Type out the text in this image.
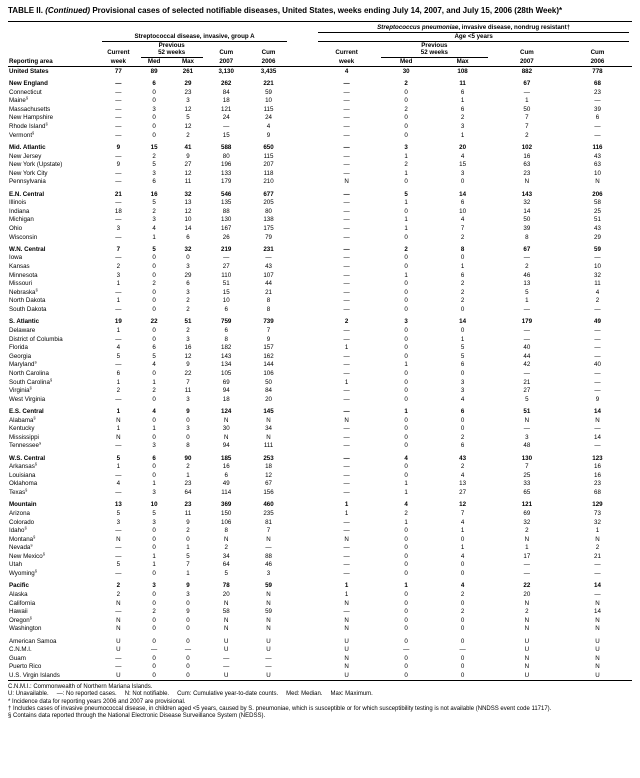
TABLE II. (Continued) Provisional cases of selected notifiable diseases, United States, weeks ending July 14, 2007, and July 15, 2006 (28th Week)*

							Streptococcus pneumoniae, invasive disease, nondrug resistant†				

	Streptococcal disease, invasive, group A						Age <5 years				

	Current	Previous
52 weeks		Cum	Cum		Current	Previous
52 weeks		Cum	Cum
Reporting area	week	Med	Max	2007	2006		week	Med	Max	2007	2006
United States	77	89	261	3,130	3,435		4	30	108	882	778
New England	—	6	29	262	221		—	2	11	67	68
Connecticut	—	0	23	84	59		—	0	6	—	23
Maine§	—	0	3	18	10		—	0	1	1	—
Massachusetts	—	3	12	121	115		—	2	6	50	39
New Hampshire	—	0	5	24	24		—	0	2	7	6
Rhode Island§	—	0	12	—	4		—	0	3	7	—
Vermont§	—	0	2	15	9		—	0	1	2	—
Mid. Atlantic	9	15	41	588	650		—	3	20	102	116
New Jersey	—	2	9	80	115		—	1	4	16	43
New York (Upstate)	9	5	27	196	207		—	2	15	63	63
New York City	—	3	12	133	118		—	1	3	23	10
Pennsylvania	—	6	11	179	210		N	0	0	N	N
E.N. Central	21	16	32	546	677		—	5	14	143	206
Illinois	—	5	13	135	205		—	1	6	32	58
Indiana	18	2	12	88	80		—	0	10	14	25
Michigan	—	3	10	130	138		—	1	4	50	51
Ohio	3	4	14	167	175		—	1	7	39	43
Wisconsin	—	1	6	26	79		—	0	2	8	29
W.N. Central	7	5	32	219	231		—	2	8	67	59
Iowa	—	0	0	—	—		—	0	0	—	—
Kansas	2	0	3	27	43		—	0	1	2	10
Minnesota	3	0	29	110	107		—	1	6	46	32
Missouri	1	2	6	51	44		—	0	2	13	11
Nebraska§	—	0	3	15	21		—	0	2	5	4
North Dakota	1	0	2	10	8		—	0	2	1	2
South Dakota	—	0	2	6	8		—	0	0	—	—
S. Atlantic	19	22	51	759	739		2	3	14	179	49
Delaware	1	0	2	6	7		—	0	0	—	—
District of Columbia	—	0	3	8	9		—	0	1	—	—
Florida	4	6	16	182	157		1	0	5	40	—
Georgia	5	5	12	143	162		—	0	5	44	—
Maryland§	—	4	9	134	144		—	1	6	42	40
North Carolina	6	0	22	105	106		—	0	0	—	—
South Carolina§	1	1	7	69	50		1	0	3	21	—
Virginia§	2	2	11	94	84		—	0	3	27	—
West Virginia	—	0	3	18	20		—	0	4	5	9
E.S. Central	1	4	9	124	145		—	1	6	51	14
Alabama§	N	0	0	N	N		N	0	0	N	N
Kentucky	1	1	3	30	34		—	0	0	—	—
Mississippi	N	0	0	N	N		—	0	2	3	14
Tennessee§	—	3	8	94	111		—	0	6	48	—
W.S. Central	5	6	90	185	253		—	4	43	130	123
Arkansas§	1	0	2	16	18		—	0	2	7	16
Louisiana	—	0	1	6	12		—	0	4	25	16
Oklahoma	4	1	23	49	67		—	1	13	33	23
Texas§	—	3	64	114	156		—	1	27	65	68
Mountain	13	10	23	369	460		1	4	12	121	129
Arizona	5	5	11	150	235		1	2	7	69	73
Colorado	3	3	9	106	81		—	1	4	32	32
Idaho§	—	0	2	8	7		—	0	1	2	1
Montana§	N	0	0	N	N		N	0	0	N	N
Nevada§	—	0	1	2	—		—	0	1	1	2
New Mexico§	—	1	5	34	88		—	0	4	17	21
Utah	5	1	7	64	46		—	0	0	—	—
Wyoming§	—	0	1	5	3		—	0	0	—	—
Pacific	2	3	9	78	59		1	1	4	22	14
Alaska	2	0	3	20	N		1	0	2	20	—
California	N	0	0	N	N		N	0	0	N	N
Hawaii	—	2	9	58	59		—	0	2	2	14
Oregon§	N	0	0	N	N		N	0	0	N	N
Washington	N	0	0	N	N		N	0	0	N	N
American Samoa	U	0	0	U	U		U	0	0	U	U
C.N.M.I.	U	—	—	U	U		U	—	—	U	U
Guam	—	0	0	—	—		N	0	0	N	N
Puerto Rico	—	0	0	—	—		N	0	0	N	N
U.S. Virgin Islands	U	0	0	U	U		U	0	0	U	U
C.N.M.I.: Commonwealth of Northern Mariana Islands.
U: Unavailable. —: No reported cases. N: Not notifiable. Cum: Cumulative year-to-date counts. Med: Median. Max: Maximum.
* Incidence data for reporting years 2006 and 2007 are provisional.
† Includes cases of invasive pneumococcal disease, in children aged <5 years, caused by S. pneumoniae, which is susceptible or for which susceptibility testing is not available (NNDSS event code 11717).
§ Contains data reported through the National Electronic Disease Surveillance System (NEDSS).
